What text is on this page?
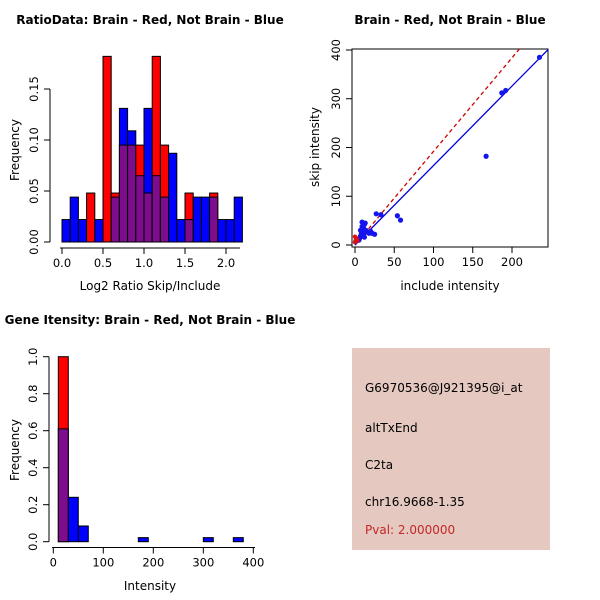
0.00
0.05
0.10
0.15
0.0 0.5 1.0 1.5 2.0
RatioData: Brain - Red, Not Brain - Blue
Frequency
Log2 Ratio Skip/Include
0 50 100 150 200
0
100
200
300
400
Brain - Red, Not Brain - Blue
skip intensity
include intensity
0.0
0.2
0.4
0.6
0.8
1.0
0	100 200 300 400
Gene Itensity: Brain - Red, Not Brain - Blue
Frequency
Intensity
G6970536@J921395@i_at
altTxEnd
C2ta
chr16.9668-1.35
Pval: 2.000000
